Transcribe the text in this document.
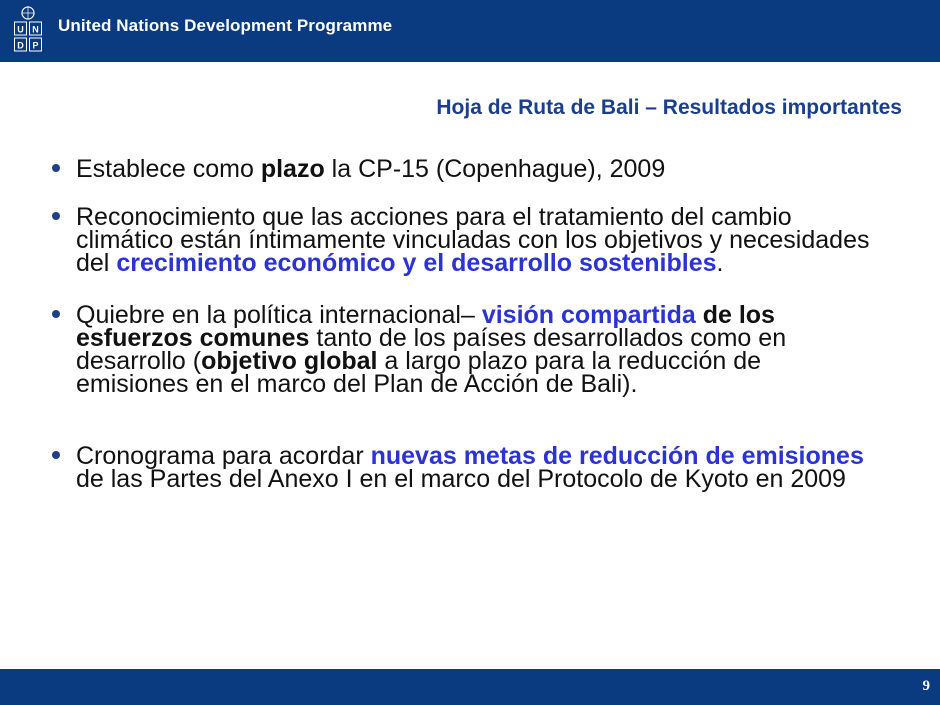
U N
D P
United Nations Development Programme
Hoja de Ruta de Bali – Resultados importantes
Establece como plazo la CP-15 (Copenhague), 2009
Reconocimiento que las acciones para el tratamiento del cambio climático están íntimamente vinculadas con los objetivos y necesidades del crecimiento económico y el desarrollo sostenibles.
Quiebre en la política internacional– visión compartida de los esfuerzos comunes tanto de los países desarrollados como en desarrollo (objetivo global a largo plazo para la reducción de emisiones en el marco del Plan de Acción de Bali).
Cronograma para acordar nuevas metas de reducción de emisiones de las Partes del Anexo I en el marco del Protocolo de Kyoto en 2009
9
